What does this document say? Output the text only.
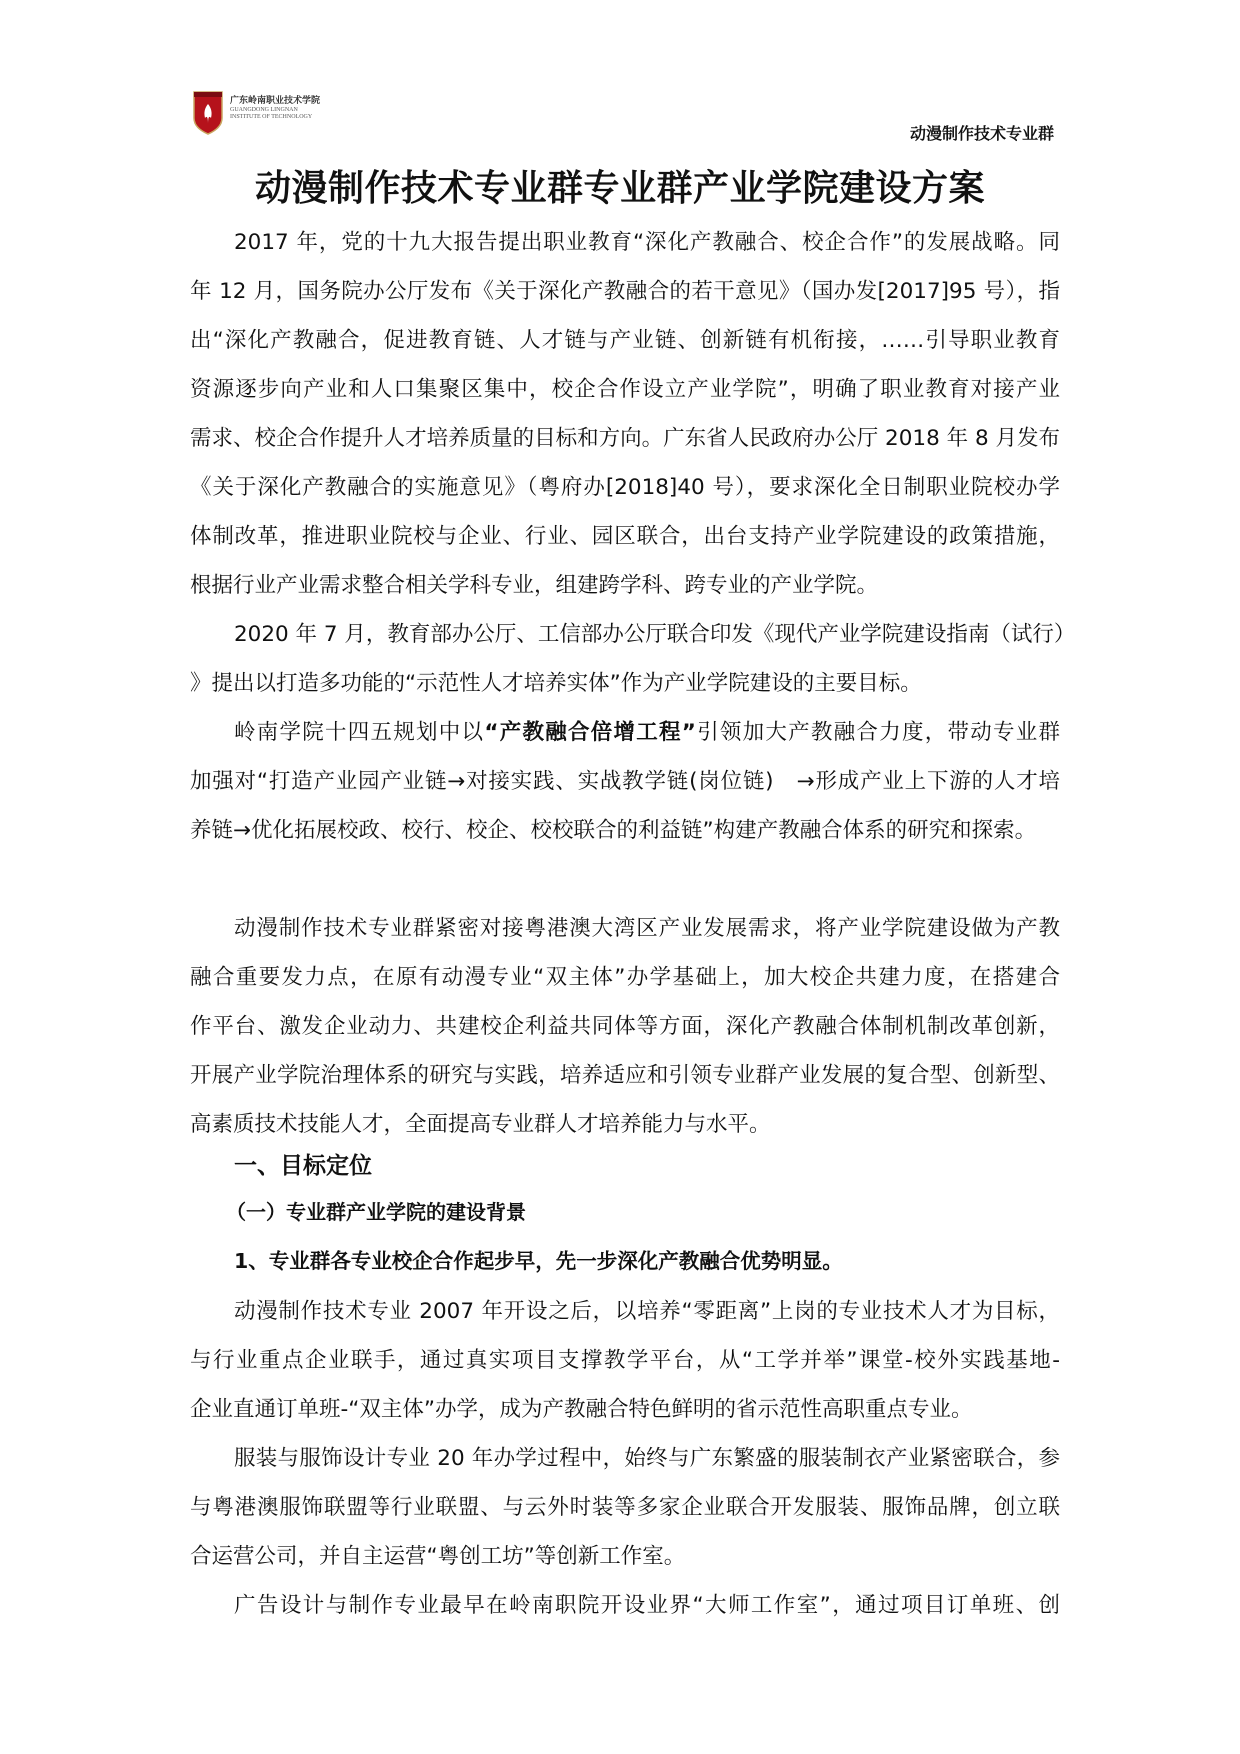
广东岭南职业技术学院
GUANGDONG LINGNAN
INSTITUTE OF TECHNOLOGY
动漫制作技术专业群
动漫制作技术专业群专业群产业学院建设方案
2017 年，党的十九大报告提出职业教育“深化产教融合、校企合作”的发展战略。同
年 12 月，国务院办公厅发布《关于深化产教融合的若干意见》（国办发[2017]95 号），指
出“深化产教融合，促进教育链、人才链与产业链、创新链有机衔接，……引导职业教育
资源逐步向产业和人口集聚区集中，校企合作设立产业学院”，明确了职业教育对接产业
需求、校企合作提升人才培养质量的目标和方向。广东省人民政府办公厅 2018 年 8 月发布
《关于深化产教融合的实施意见》（粤府办[2018]40 号），要求深化全日制职业院校办学
体制改革，推进职业院校与企业、行业、园区联合，出台支持产业学院建设的政策措施，
根据行业产业需求整合相关学科专业，组建跨学科、跨专业的产业学院。
2020 年 7 月，教育部办公厅、工信部办公厅联合印发《现代产业学院建设指南（试行）
》提出以打造多功能的“示范性人才培养实体”作为产业学院建设的主要目标。
岭南学院十四五规划中以“产教融合倍增工程”引领加大产教融合力度，带动专业群
加强对“打造产业园产业链→对接实践、实战教学链(岗位链)　→形成产业上下游的人才培
养链→优化拓展校政、校行、校企、校校联合的利益链”构建产教融合体系的研究和探索。
动漫制作技术专业群紧密对接粤港澳大湾区产业发展需求，将产业学院建设做为产教
融合重要发力点，在原有动漫专业“双主体”办学基础上，加大校企共建力度，在搭建合
作平台、激发企业动力、共建校企利益共同体等方面，深化产教融合体制机制改革创新，
开展产业学院治理体系的研究与实践，培养适应和引领专业群产业发展的复合型、创新型、
高素质技术技能人才，全面提高专业群人才培养能力与水平。
一、目标定位
（一）专业群产业学院的建设背景
1、专业群各专业校企合作起步早，先一步深化产教融合优势明显。
动漫制作技术专业 2007 年开设之后，以培养“零距离”上岗的专业技术人才为目标，
与行业重点企业联手，通过真实项目支撑教学平台，从“工学并举”课堂-校外实践基地-
企业直通订单班-“双主体”办学，成为产教融合特色鲜明的省示范性高职重点专业。
服装与服饰设计专业 20 年办学过程中，始终与广东繁盛的服装制衣产业紧密联合，参
与粤港澳服饰联盟等行业联盟、与云外时装等多家企业联合开发服装、服饰品牌，创立联
合运营公司，并自主运营“粤创工坊”等创新工作室。
广告设计与制作专业最早在岭南职院开设业界“大师工作室”，通过项目订单班、创
